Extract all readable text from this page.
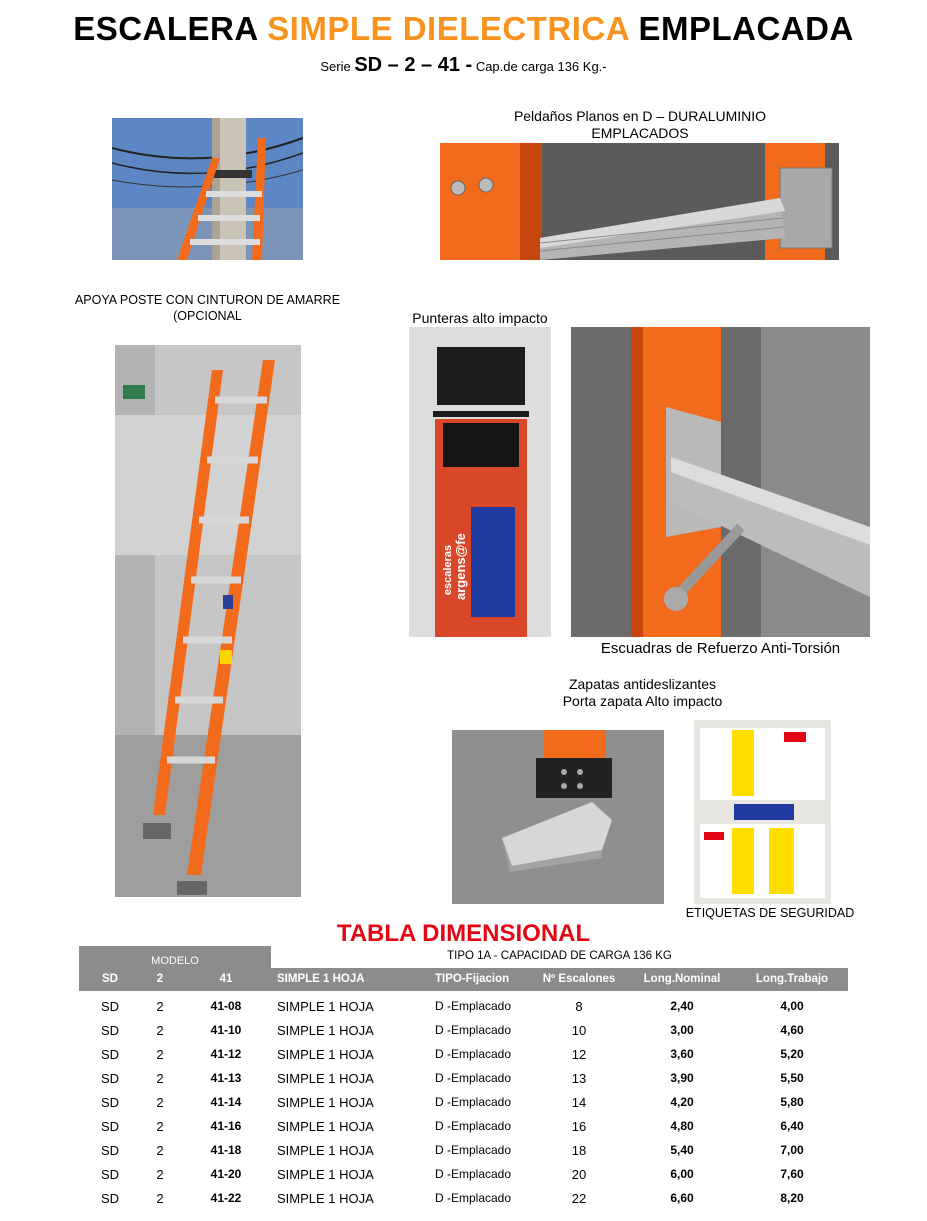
ESCALERA SIMPLE DIELECTRICA EMPLACADA
Serie SD – 2 – 41 - Cap.de carga 136 Kg.-
Peldaños Planos en D – DURALUMINIO
EMPLACADOS
APOYA POSTE CON CINTURON DE AMARRE
(OPCIONAL	Punteras alto impacto
escaleras argens@fe
Escuadras de Refuerzo Anti-Torsión
Zapatas antideslizantes
Porta zapata Alto impacto
ETIQUETAS DE SEGURIDAD
TABLA DIMENSIONAL
MODELO	TIPO 1A - CAPACIDAD DE CARGA 136 KG
SD	2	41	SIMPLE 1 HOJA	TIPO-Fijacion	Nº Escalones	Long.Nominal	Long.Trabajo
SD	2	41-08	SIMPLE 1 HOJA	D -Emplacado	8	2,40	4,00
SD	2	41-10	SIMPLE 1 HOJA	D -Emplacado	10	3,00	4,60
SD	2	41-12	SIMPLE 1 HOJA	D -Emplacado	12	3,60	5,20
SD	2	41-13	SIMPLE 1 HOJA	D -Emplacado	13	3,90	5,50
SD	2	41-14	SIMPLE 1 HOJA	D -Emplacado	14	4,20	5,80
SD	2	41-16	SIMPLE 1 HOJA	D -Emplacado	16	4,80	6,40
SD	2	41-18	SIMPLE 1 HOJA	D -Emplacado	18	5,40	7,00
SD	2	41-20	SIMPLE 1 HOJA	D -Emplacado	20	6,00	7,60
SD	2	41-22	SIMPLE 1 HOJA	D -Emplacado	22	6,60	8,20
